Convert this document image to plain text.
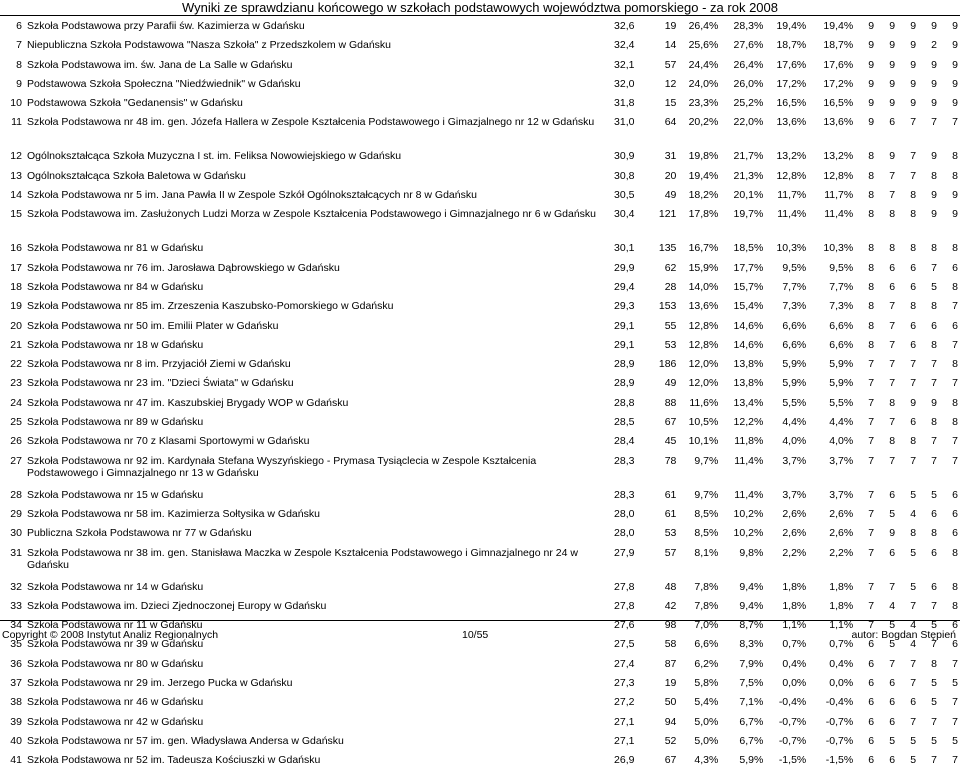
Wyniki ze sprawdzianu końcowego w szkołach podstawowych województwa pomorskiego - za rok 2008
6	Szkoła Podstawowa przy Parafii św. Kazimierza w Gdańsku	32,6	19	26,4%	28,3%	19,4%	19,4%	9	9	9	9	9
7	Niepubliczna Szkoła Podstawowa "Nasza Szkoła" z Przedszkolem w Gdańsku	32,4	14	25,6%	27,6%	18,7%	18,7%	9	9	9	2	9
8	Szkoła Podstawowa im. św. Jana de La Salle w Gdańsku	32,1	57	24,4%	26,4%	17,6%	17,6%	9	9	9	9	9
9	Podstawowa Szkoła Społeczna "Niedźwiednik" w Gdańsku	32,0	12	24,0%	26,0%	17,2%	17,2%	9	9	9	9	9
10	Podstawowa Szkoła "Gedanensis" w Gdańsku	31,8	15	23,3%	25,2%	16,5%	16,5%	9	9	9	9	9
11	Szkoła Podstawowa nr 48 im. gen. Józefa Hallera w Zespole Kształcenia Podstawowego i Gimazjalnego nr 12 w Gdańsku	31,0	64	20,2%	22,0%	13,6%	13,6%	9	6	7	7	7
12	Ogólnokształcąca Szkoła Muzyczna I st. im. Feliksa Nowowiejskiego w Gdańsku	30,9	31	19,8%	21,7%	13,2%	13,2%	8	9	7	9	8
13	Ogólnokształcąca Szkoła Baletowa w Gdańsku	30,8	20	19,4%	21,3%	12,8%	12,8%	8	7	7	8	8
14	Szkoła Podstawowa nr 5 im. Jana Pawła II w Zespole Szkół Ogólnokształcących nr 8 w Gdańsku	30,5	49	18,2%	20,1%	11,7%	11,7%	8	7	8	9	9
15	Szkoła Podstawowa im. Zasłużonych Ludzi Morza w Zespole Kształcenia Podstawowego i Gimnazjalnego nr 6 w Gdańsku	30,4	121	17,8%	19,7%	11,4%	11,4%	8	8	8	9	9
16	Szkoła Podstawowa nr 81 w Gdańsku	30,1	135	16,7%	18,5%	10,3%	10,3%	8	8	8	8	8
17	Szkoła Podstawowa nr 76 im. Jarosława Dąbrowskiego w Gdańsku	29,9	62	15,9%	17,7%	9,5%	9,5%	8	6	6	7	6
18	Szkoła Podstawowa nr 84 w Gdańsku	29,4	28	14,0%	15,7%	7,7%	7,7%	8	6	6	5	8
19	Szkoła Podstawowa nr 85 im. Zrzeszenia Kaszubsko-Pomorskiego w Gdańsku	29,3	153	13,6%	15,4%	7,3%	7,3%	8	7	8	8	7
20	Szkoła Podstawowa nr 50 im. Emilii Plater w Gdańsku	29,1	55	12,8%	14,6%	6,6%	6,6%	8	7	6	6	6
21	Szkoła Podstawowa nr 18 w Gdańsku	29,1	53	12,8%	14,6%	6,6%	6,6%	8	7	6	8	7
22	Szkoła Podstawowa nr 8 im. Przyjaciół Ziemi w Gdańsku	28,9	186	12,0%	13,8%	5,9%	5,9%	7	7	7	7	8
23	Szkoła Podstawowa nr 23 im. "Dzieci Świata" w Gdańsku	28,9	49	12,0%	13,8%	5,9%	5,9%	7	7	7	7	7
24	Szkoła Podstawowa nr 47 im. Kaszubskiej Brygady WOP w Gdańsku	28,8	88	11,6%	13,4%	5,5%	5,5%	7	8	9	9	8
25	Szkoła Podstawowa nr 89 w Gdańsku	28,5	67	10,5%	12,2%	4,4%	4,4%	7	7	6	8	8
26	Szkoła Podstawowa nr 70 z Klasami Sportowymi w Gdańsku	28,4	45	10,1%	11,8%	4,0%	4,0%	7	8	8	7	7
27	Szkoła Podstawowa nr 92 im. Kardynała Stefana Wyszyńskiego - Prymasa Tysiąclecia w Zespole Kształcenia Podstawowego i Gimnazjalnego nr 13 w Gdańsku	28,3	78	9,7%	11,4%	3,7%	3,7%	7	7	7	7	7
28	Szkoła Podstawowa nr 15 w Gdańsku	28,3	61	9,7%	11,4%	3,7%	3,7%	7	6	5	5	6
29	Szkoła Podstawowa nr 58 im. Kazimierza Sołtysika w Gdańsku	28,0	61	8,5%	10,2%	2,6%	2,6%	7	5	4	6	6
30	Publiczna Szkoła Podstawowa nr 77 w Gdańsku	28,0	53	8,5%	10,2%	2,6%	2,6%	7	9	8	8	6
31	Szkoła Podstawowa nr 38 im. gen. Stanisława Maczka w Zespole Kształcenia Podstawowego i Gimnazjalnego nr 24 w Gdańsku	27,9	57	8,1%	9,8%	2,2%	2,2%	7	6	5	6	8
32	Szkoła Podstawowa nr 14 w Gdańsku	27,8	48	7,8%	9,4%	1,8%	1,8%	7	7	5	6	8
33	Szkoła Podstawowa im. Dzieci Zjednoczonej Europy w Gdańsku	27,8	42	7,8%	9,4%	1,8%	1,8%	7	4	7	7	8
34	Szkoła Podstawowa nr 11 w Gdańsku	27,6	98	7,0%	8,7%	1,1%	1,1%	7	5	4	5	6
35	Szkoła Podstawowa nr 39 w Gdańsku	27,5	58	6,6%	8,3%	0,7%	0,7%	6	5	4	7	6
36	Szkoła Podstawowa nr 80 w Gdańsku	27,4	87	6,2%	7,9%	0,4%	0,4%	6	7	7	8	7
37	Szkoła Podstawowa nr 29 im. Jerzego Pucka w Gdańsku	27,3	19	5,8%	7,5%	0,0%	0,0%	6	6	7	5	5
38	Szkoła Podstawowa nr 46 w Gdańsku	27,2	50	5,4%	7,1%	-0,4%	-0,4%	6	6	6	5	7
39	Szkoła Podstawowa nr 42 w Gdańsku	27,1	94	5,0%	6,7%	-0,7%	-0,7%	6	6	7	7	7
40	Szkoła Podstawowa nr 57 im. gen. Władysława Andersa w Gdańsku	27,1	52	5,0%	6,7%	-0,7%	-0,7%	6	5	5	5	5
41	Szkoła Podstawowa nr 52 im. Tadeusza Kościuszki w Gdańsku	26,9	67	4,3%	5,9%	-1,5%	-1,5%	6	6	5	7	7
Copyright © 2008 Instytut Analiz Regionalnych	10/55	autor: Bogdan Stępień
